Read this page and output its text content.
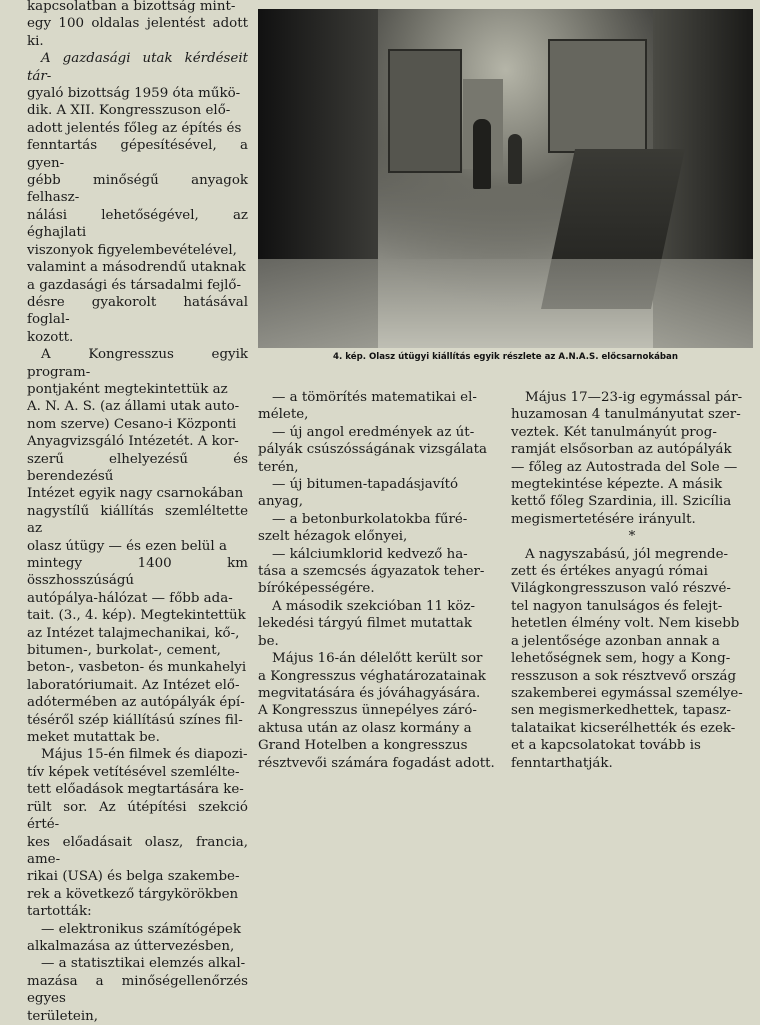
kapcsolatban a bizottság mint-

egy 100 oldalas jelentést adott ki.

A gazdasági utak kérdéseit tár-

gyaló bizottság 1959 óta műkö-

dik. A XII. Kongresszuson elő-

adott jelentés főleg az építés és

fenntartás gépesítésével, a gyen-

gébb minőségű anyagok felhasz-

nálási lehetőségével, az éghajlati

viszonyok figyelembevételével,

valamint a másodrendű utaknak

a gazdasági és társadalmi fejlő-

désre gyakorolt hatásával foglal-

kozott.

A Kongresszus egyik program-

pontjaként megtekintettük az

A. N. A. S. (az állami utak auto-

nom szerve) Cesano-i Központi

Anyagvizsgáló Intézetét. A kor-

szerű elhelyezésű és berendezésű

Intézet egyik nagy csarnokában

nagystílű kiállítás szemléltette az

olasz útügy — és ezen belül a

mintegy 1400 km összhosszúságú

autópálya-hálózat — főbb ada-

tait. (3., 4. kép). Megtekintettük

az Intézet talajmechanikai, kő-,

bitumen-, burkolat-, cement,

beton-, vasbeton- és munkahelyi

laboratóriumait. Az Intézet elő-

adótermében az autópályák épí-

téséről szép kiállítású színes fil-

meket mutattak be.

Május 15-én filmek és diapozi-

tív képek vetítésével szemlélte-

tett előadások megtartására ke-

rült sor. Az útépítési szekció érté-

kes előadásait olasz, francia, ame-

rikai (USA) és belga szakembe-

rek a következő tárgykörökben

tartották:

— elektronikus számítógépek

alkalmazása az úttervezésben,

— a statisztikai elemzés alkal-

mazása a minőségellenőrzés egyes

területein,

4. kép. Olasz útügyi kiállítás egyik részlete az A.N.A.S. előcsarnokában

— a tömörítés matematikai el-

mélete,

— új angol eredmények az út-

pályák csúszósságának vizsgálata

terén,

— új bitumen-tapadásjavító

anyag,

— a betonburkolatokba fűré-

szelt hézagok előnyei,

— kálciumklorid kedvező ha-

tása a szemcsés ágyazatok teher-

bíróképességére.

A második szekcióban 11 köz-

lekedési tárgyú filmet mutattak

be.

Május 16-án délelőtt került sor

a Kongresszus véghatározatainak

megvitatására és jóváhagyására.

A Kongresszus ünnepélyes záró-

aktusa után az olasz kormány a

Grand Hotelben a kongresszus

résztvevői számára fogadást adott.

Május 17—23-ig egymással pár-

huzamosan 4 tanulmányutat szer-

veztek. Két tanulmányút prog-

ramját elsősorban az autópályák

— főleg az Autostrada del Sole —

megtekintése képezte. A másik

kettő főleg Szardinia, ill. Szicília

megismertetésére irányult.

*

A nagyszabású, jól megrende-

zett és értékes anyagú római

Világkongresszuson való részvé-

tel nagyon tanulságos és felejt-

hetetlen élmény volt. Nem kisebb

a jelentősége azonban annak a

lehetőségnek sem, hogy a Kong-

resszuson a sok résztvevő ország

szakemberei egymással személye-

sen megismerkedhettek, tapasz-

talataikat kicserélhették és ezek-

et a kapcsolatokat tovább is

fenntarthatják.
